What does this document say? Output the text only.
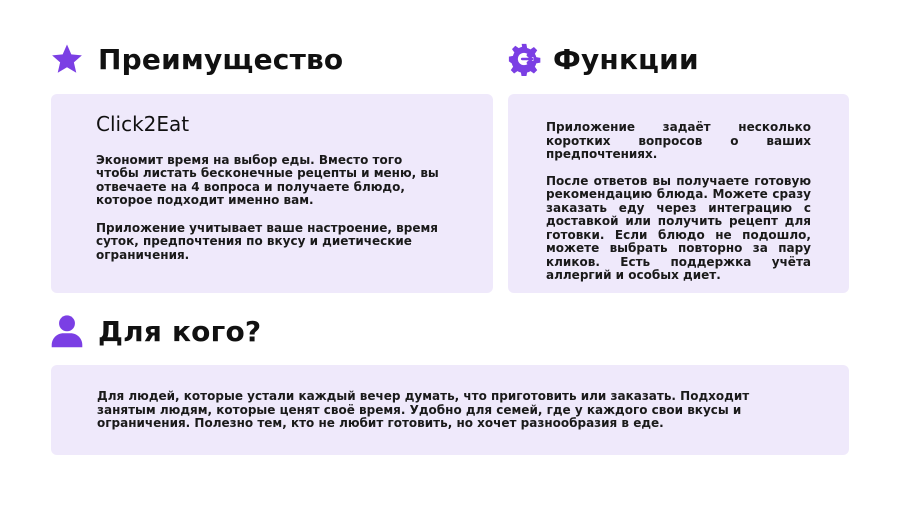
Преимущество	Функции

Click2Eat

Экономит время на выбор еды. Вместо того чтобы листать бесконечные рецепты и меню, вы отвечаете на 4 вопроса и получаете блюдо, которое подходит именно вам.

Приложение учитывает ваше настроение, время суток, предпочтения по вкусу и диетические ограничения.

Приложение задаёт несколько коротких вопросов о ваших предпочтениях.

После ответов вы получаете готовую рекомендацию блюда. Можете сразу заказать еду через интеграцию с доставкой или получить рецепт для готовки. Если блюдо не подошло, можете выбрать повторно за пару кликов. Есть поддержка учёта аллергий и особых диет.

Для кого?

Для людей, которые устали каждый вечер думать, что приготовить или заказать. Подходит занятым людям, которые ценят своё время. Удобно для семей, где у каждого свои вкусы и ограничения. Полезно тем, кто не любит готовить, но хочет разнообразия в еде.
